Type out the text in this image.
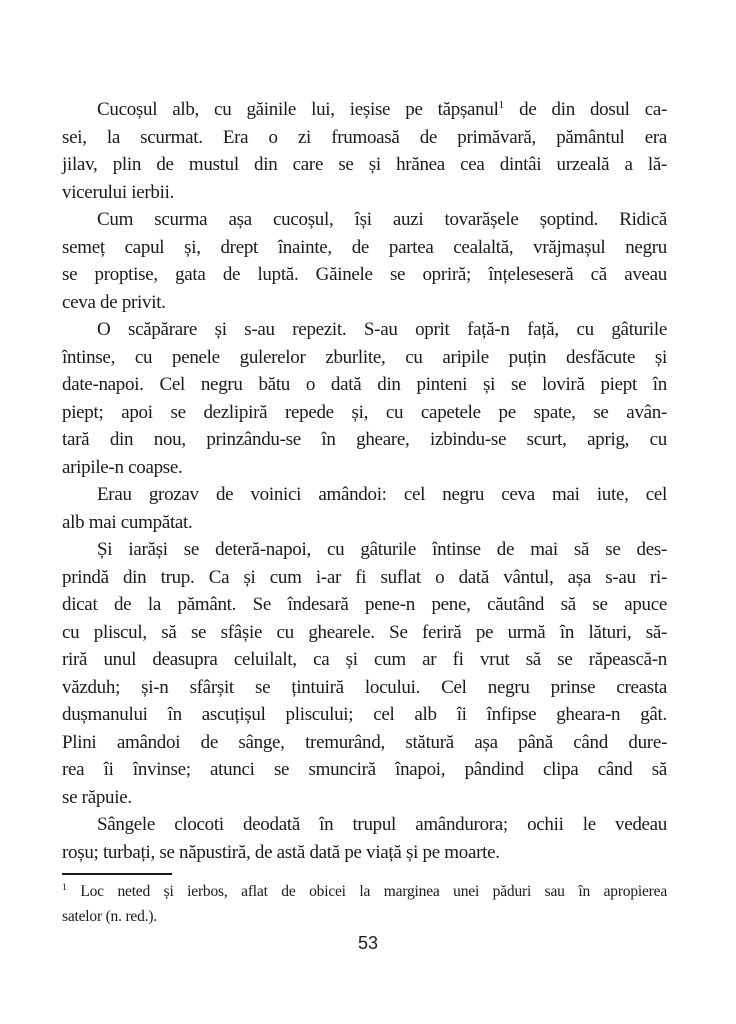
Cucoșul alb, cu găinile lui, ieșise pe tăpșanul$^1$ de din dosul ca-
sei, la scurmat. Era o zi frumoasă de primăvară, pământul era
jilav, plin de mustul din care se și hrănea cea dintâi urzeală a lă-
vicerului ierbii.
Cum scurma așa cucoșul, își auzi tovarășele șoptind. Ridică
semeț capul și, drept înainte, de partea cealaltă, vrăjmașul negru
se proptise, gata de luptă. Găinele se opriră; înțeleseseră că aveau
ceva de privit.
O scăpărare și s-au repezit. S-au oprit față-n față, cu gâturile
întinse, cu penele gulerelor zburlite, cu aripile puțin desfăcute și
date-napoi. Cel negru bătu o dată din pinteni și se loviră piept în
piept; apoi se dezlipiră repede și, cu capetele pe spate, se avân-
tară din nou, prinzându-se în gheare, izbindu-se scurt, aprig, cu
aripile-n coapse.
Erau grozav de voinici amândoi: cel negru ceva mai iute, cel
alb mai cumpătat.
Și iarăși se deteră-napoi, cu gâturile întinse de mai să se des-
prindă din trup. Ca și cum i-ar fi suflat o dată vântul, așa s-au ri-
dicat de la pământ. Se îndesară pene-n pene, căutând să se apuce
cu pliscul, să se sfâșie cu ghearele. Se feriră pe urmă în lături, să-
riră unul deasupra celuilalt, ca și cum ar fi vrut să se răpească-n
văzduh; și-n sfârșit se țintuiră locului. Cel negru prinse creasta
dușmanului în ascuțișul pliscului; cel alb îi înfipse gheara-n gât.
Plini amândoi de sânge, tremurând, stătură așa până când dure-
rea îi învinse; atunci se smunciră înapoi, pândind clipa când să
se răpuie.
Sângele clocoti deodată în trupul amândurora; ochii le vedeau
roșu; turbați, se năpustiră, de astă dată pe viață și pe moarte.
$^1$ Loc neted și ierbos, aflat de obicei la marginea unei păduri sau în apropierea
satelor (n. red.).
53
